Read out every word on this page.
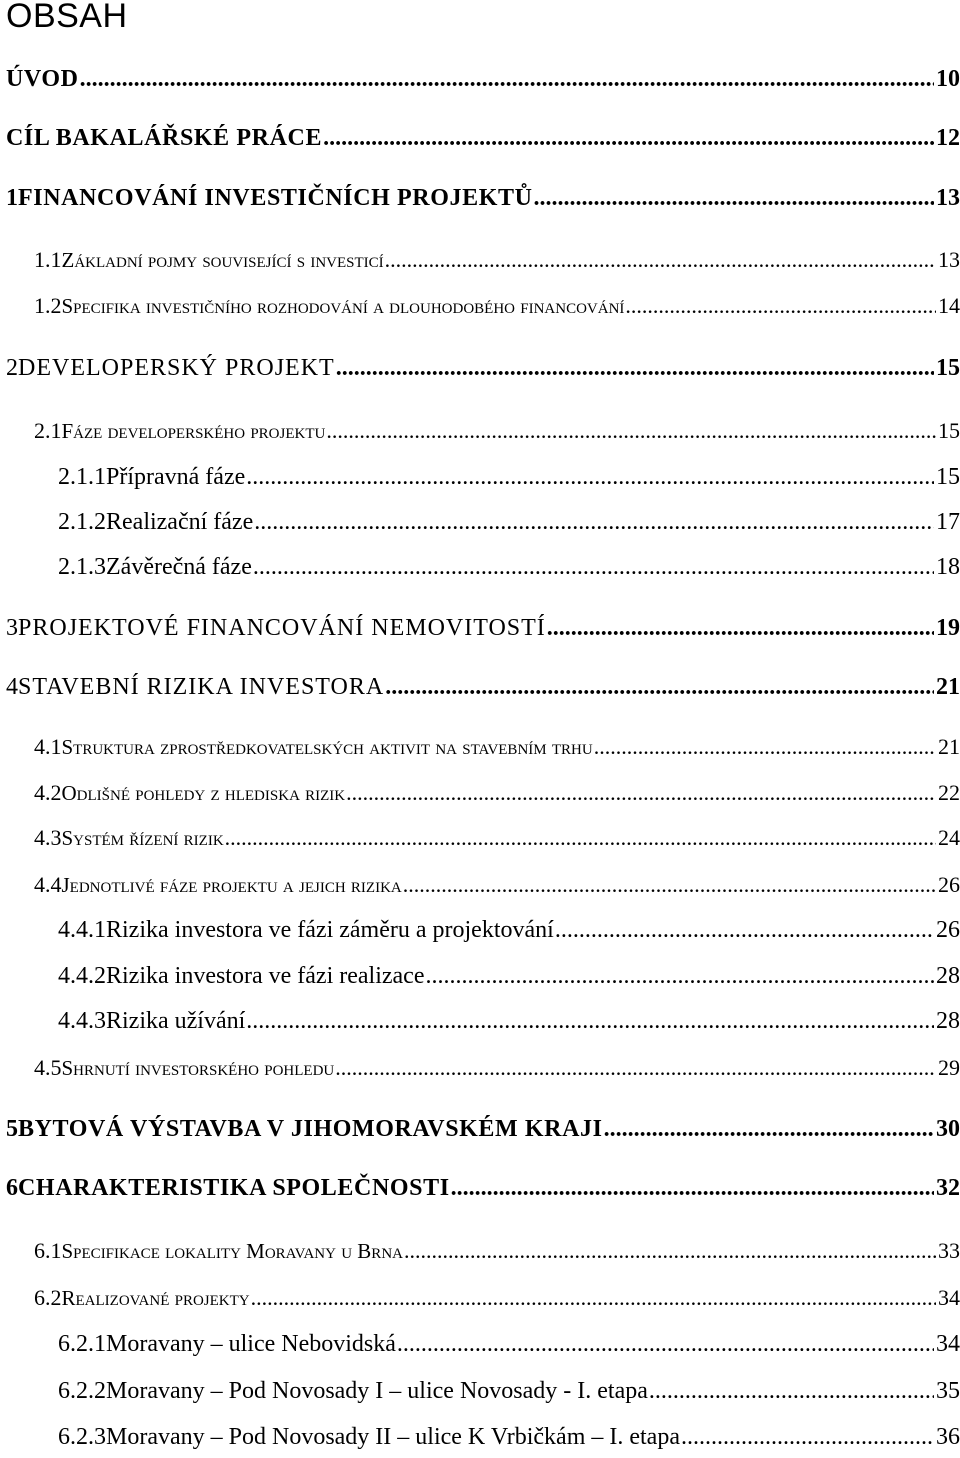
OBSAH
ÚVOD .....	10
CÍL BAKALÁŘSKÉ PRÁCE .....	12
1 FINANCOVÁNÍ INVESTIČNÍCH PROJEKTŮ .....	13
1.1 Základní pojmy související s investicí .....	13
1.2 Specifika investičního rozhodování a dlouhodobého financování .....	14
2 DEVELOPERSKÝ PROJEKT .....	15
2.1 Fáze developerského projektu .....	15
2.1.1 Přípravná fáze .....	15
2.1.2 Realizační fáze .....	17
2.1.3 Závěrečná fáze .....	18
3 PROJEKTOVÉ FINANCOVÁNÍ NEMOVITOSTÍ .....	19
4 STAVEBNÍ RIZIKA INVESTORA .....	21
4.1 Struktura zprostředkovatelských aktivit na stavebním trhu .....	21
4.2 Odlišné pohledy z hlediska rizik .....	22
4.3 Systém řízení rizik .....	24
4.4 Jednotlivé fáze projektu a jejich rizika .....	26
4.4.1 Rizika investora ve fázi záměru a projektování .....	26
4.4.2 Rizika investora ve fázi realizace .....	28
4.4.3 Rizika užívání .....	28
4.5 Shrnutí investorského pohledu .....	29
5 BYTOVÁ VÝSTAVBA V JIHOMORAVSKÉM KRAJI .....	30
6 CHARAKTERISTIKA SPOLEČNOSTI .....	32
6.1 Specifikace lokality Moravany u Brna .....	33
6.2 Realizované projekty .....	34
6.2.1 Moravany – ulice Nebovidská .....	34
6.2.2 Moravany – Pod Novosady I – ulice Novosady - I. etapa .....	35
6.2.3 Moravany – Pod Novosady II – ulice K Vrbičkám – I. etapa .....	36
